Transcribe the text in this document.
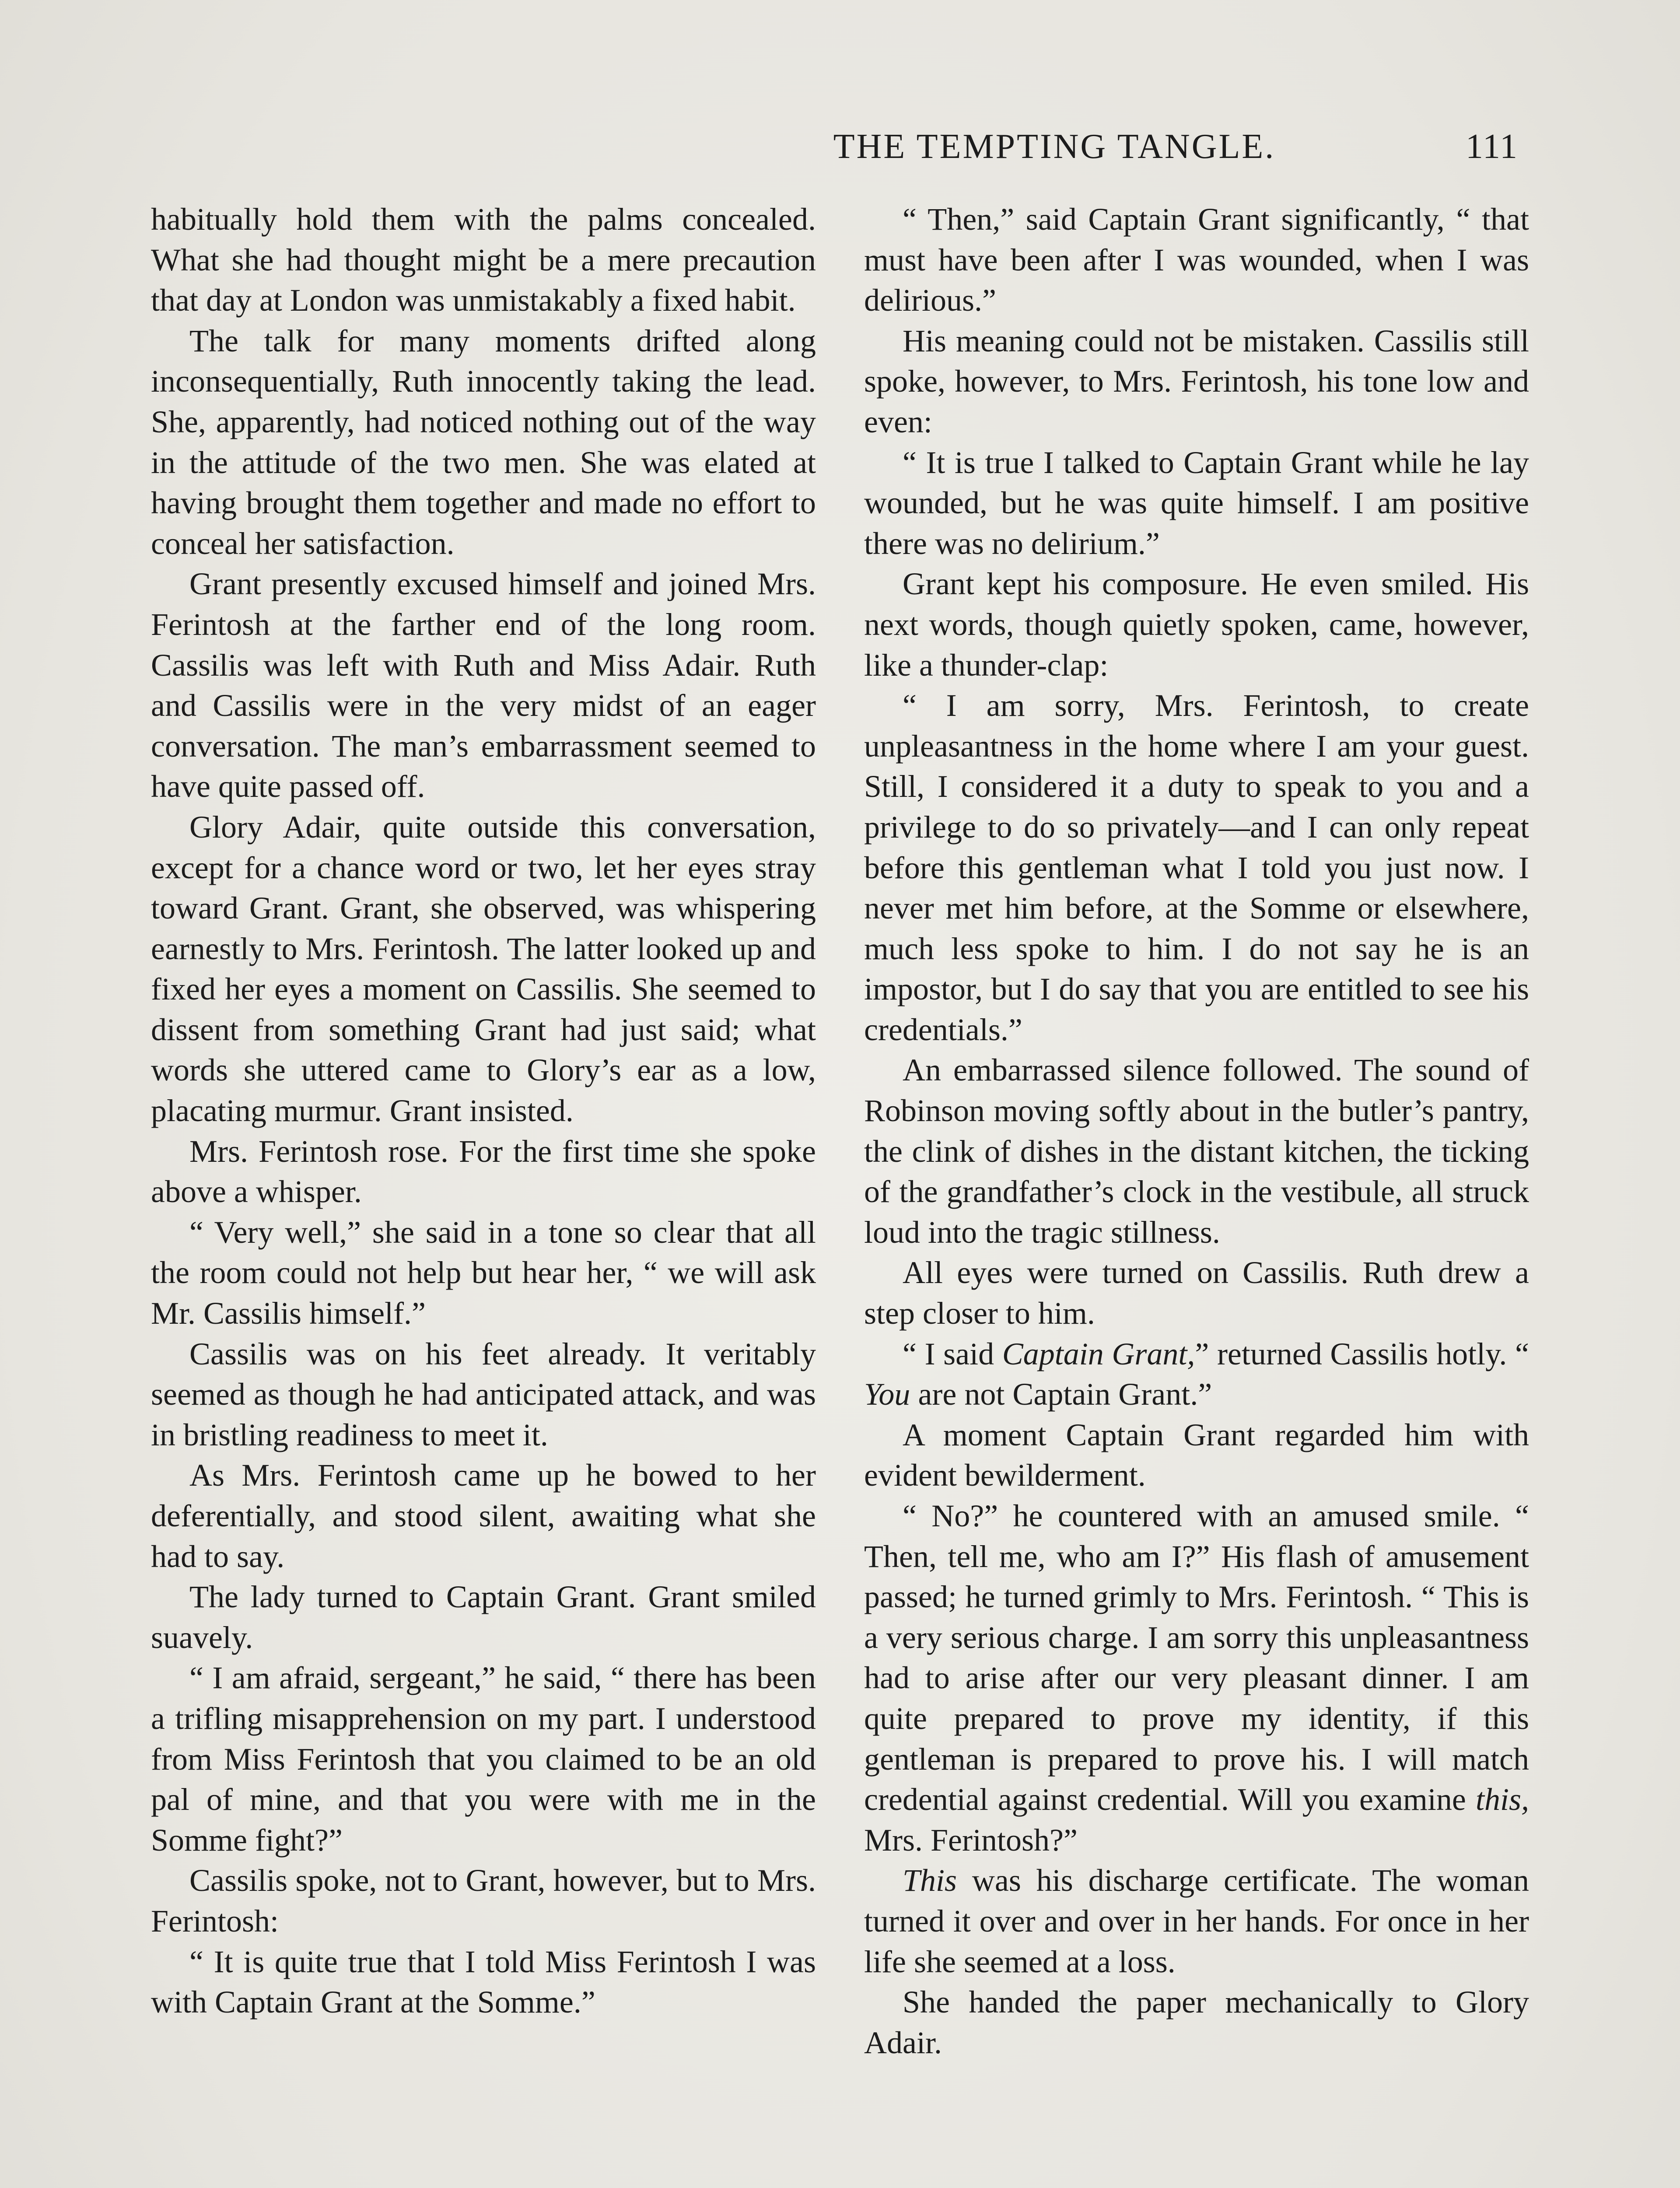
THE TEMPTING TANGLE.	111

habitually hold them with the palms concealed. What she had thought might be a mere precaution that day at London was unmistakably a fixed habit.

The talk for many moments drifted along inconsequentially, Ruth innocently taking the lead. She, apparently, had noticed nothing out of the way in the attitude of the two men. She was elated at having brought them together and made no effort to conceal her satisfaction.

Grant presently excused himself and joined Mrs. Ferintosh at the farther end of the long room. Cassilis was left with Ruth and Miss Adair. Ruth and Cassilis were in the very midst of an eager conversation. The man’s embarrassment seemed to have quite passed off.

Glory Adair, quite outside this conversation, except for a chance word or two, let her eyes stray toward Grant. Grant, she observed, was whispering earnestly to Mrs. Ferintosh. The latter looked up and fixed her eyes a moment on Cassilis. She seemed to dissent from something Grant had just said; what words she uttered came to Glory’s ear as a low, placating murmur. Grant insisted.

Mrs. Ferintosh rose. For the first time she spoke above a whisper.

“ Very well,” she said in a tone so clear that all the room could not help but hear her, “ we will ask Mr. Cassilis himself.”

Cassilis was on his feet already. It veritably seemed as though he had anticipated attack, and was in bristling readiness to meet it.

As Mrs. Ferintosh came up he bowed to her deferentially, and stood silent, awaiting what she had to say.

The lady turned to Captain Grant. Grant smiled suavely.

“ I am afraid, sergeant,” he said, “ there has been a trifling misapprehension on my part. I understood from Miss Ferintosh that you claimed to be an old pal of mine, and that you were with me in the Somme fight?”

Cassilis spoke, not to Grant, however, but to Mrs. Ferintosh:

“ It is quite true that I told Miss Ferintosh I was with Captain Grant at the Somme.”

“ Then,” said Captain Grant significantly, “ that must have been after I was wounded, when I was delirious.”

His meaning could not be mistaken. Cassilis still spoke, however, to Mrs. Ferintosh, his tone low and even:

“ It is true I talked to Captain Grant while he lay wounded, but he was quite himself. I am positive there was no delirium.”

Grant kept his composure. He even smiled. His next words, though quietly spoken, came, however, like a thunder-clap:

“ I am sorry, Mrs. Ferintosh, to create unpleasantness in the home where I am your guest. Still, I considered it a duty to speak to you and a privilege to do so privately—and I can only repeat before this gentleman what I told you just now. I never met him before, at the Somme or elsewhere, much less spoke to him. I do not say he is an impostor, but I do say that you are entitled to see his credentials.”

An embarrassed silence followed. The sound of Robinson moving softly about in the butler’s pantry, the clink of dishes in the distant kitchen, the ticking of the grandfather’s clock in the vestibule, all struck loud into the tragic stillness.

All eyes were turned on Cassilis. Ruth drew a step closer to him.

“ I said Captain Grant,” returned Cassilis hotly. “ You are not Captain Grant.”

A moment Captain Grant regarded him with evident bewilderment.

“ No?” he countered with an amused smile. “ Then, tell me, who am I?” His flash of amusement passed; he turned grimly to Mrs. Ferintosh. “ This is a very serious charge. I am sorry this unpleasantness had to arise after our very pleasant dinner. I am quite prepared to prove my identity, if this gentleman is prepared to prove his. I will match credential against credential. Will you examine this, Mrs. Ferintosh?”

This was his discharge certificate. The woman turned it over and over in her hands. For once in her life she seemed at a loss.

She handed the paper mechanically to Glory Adair.
